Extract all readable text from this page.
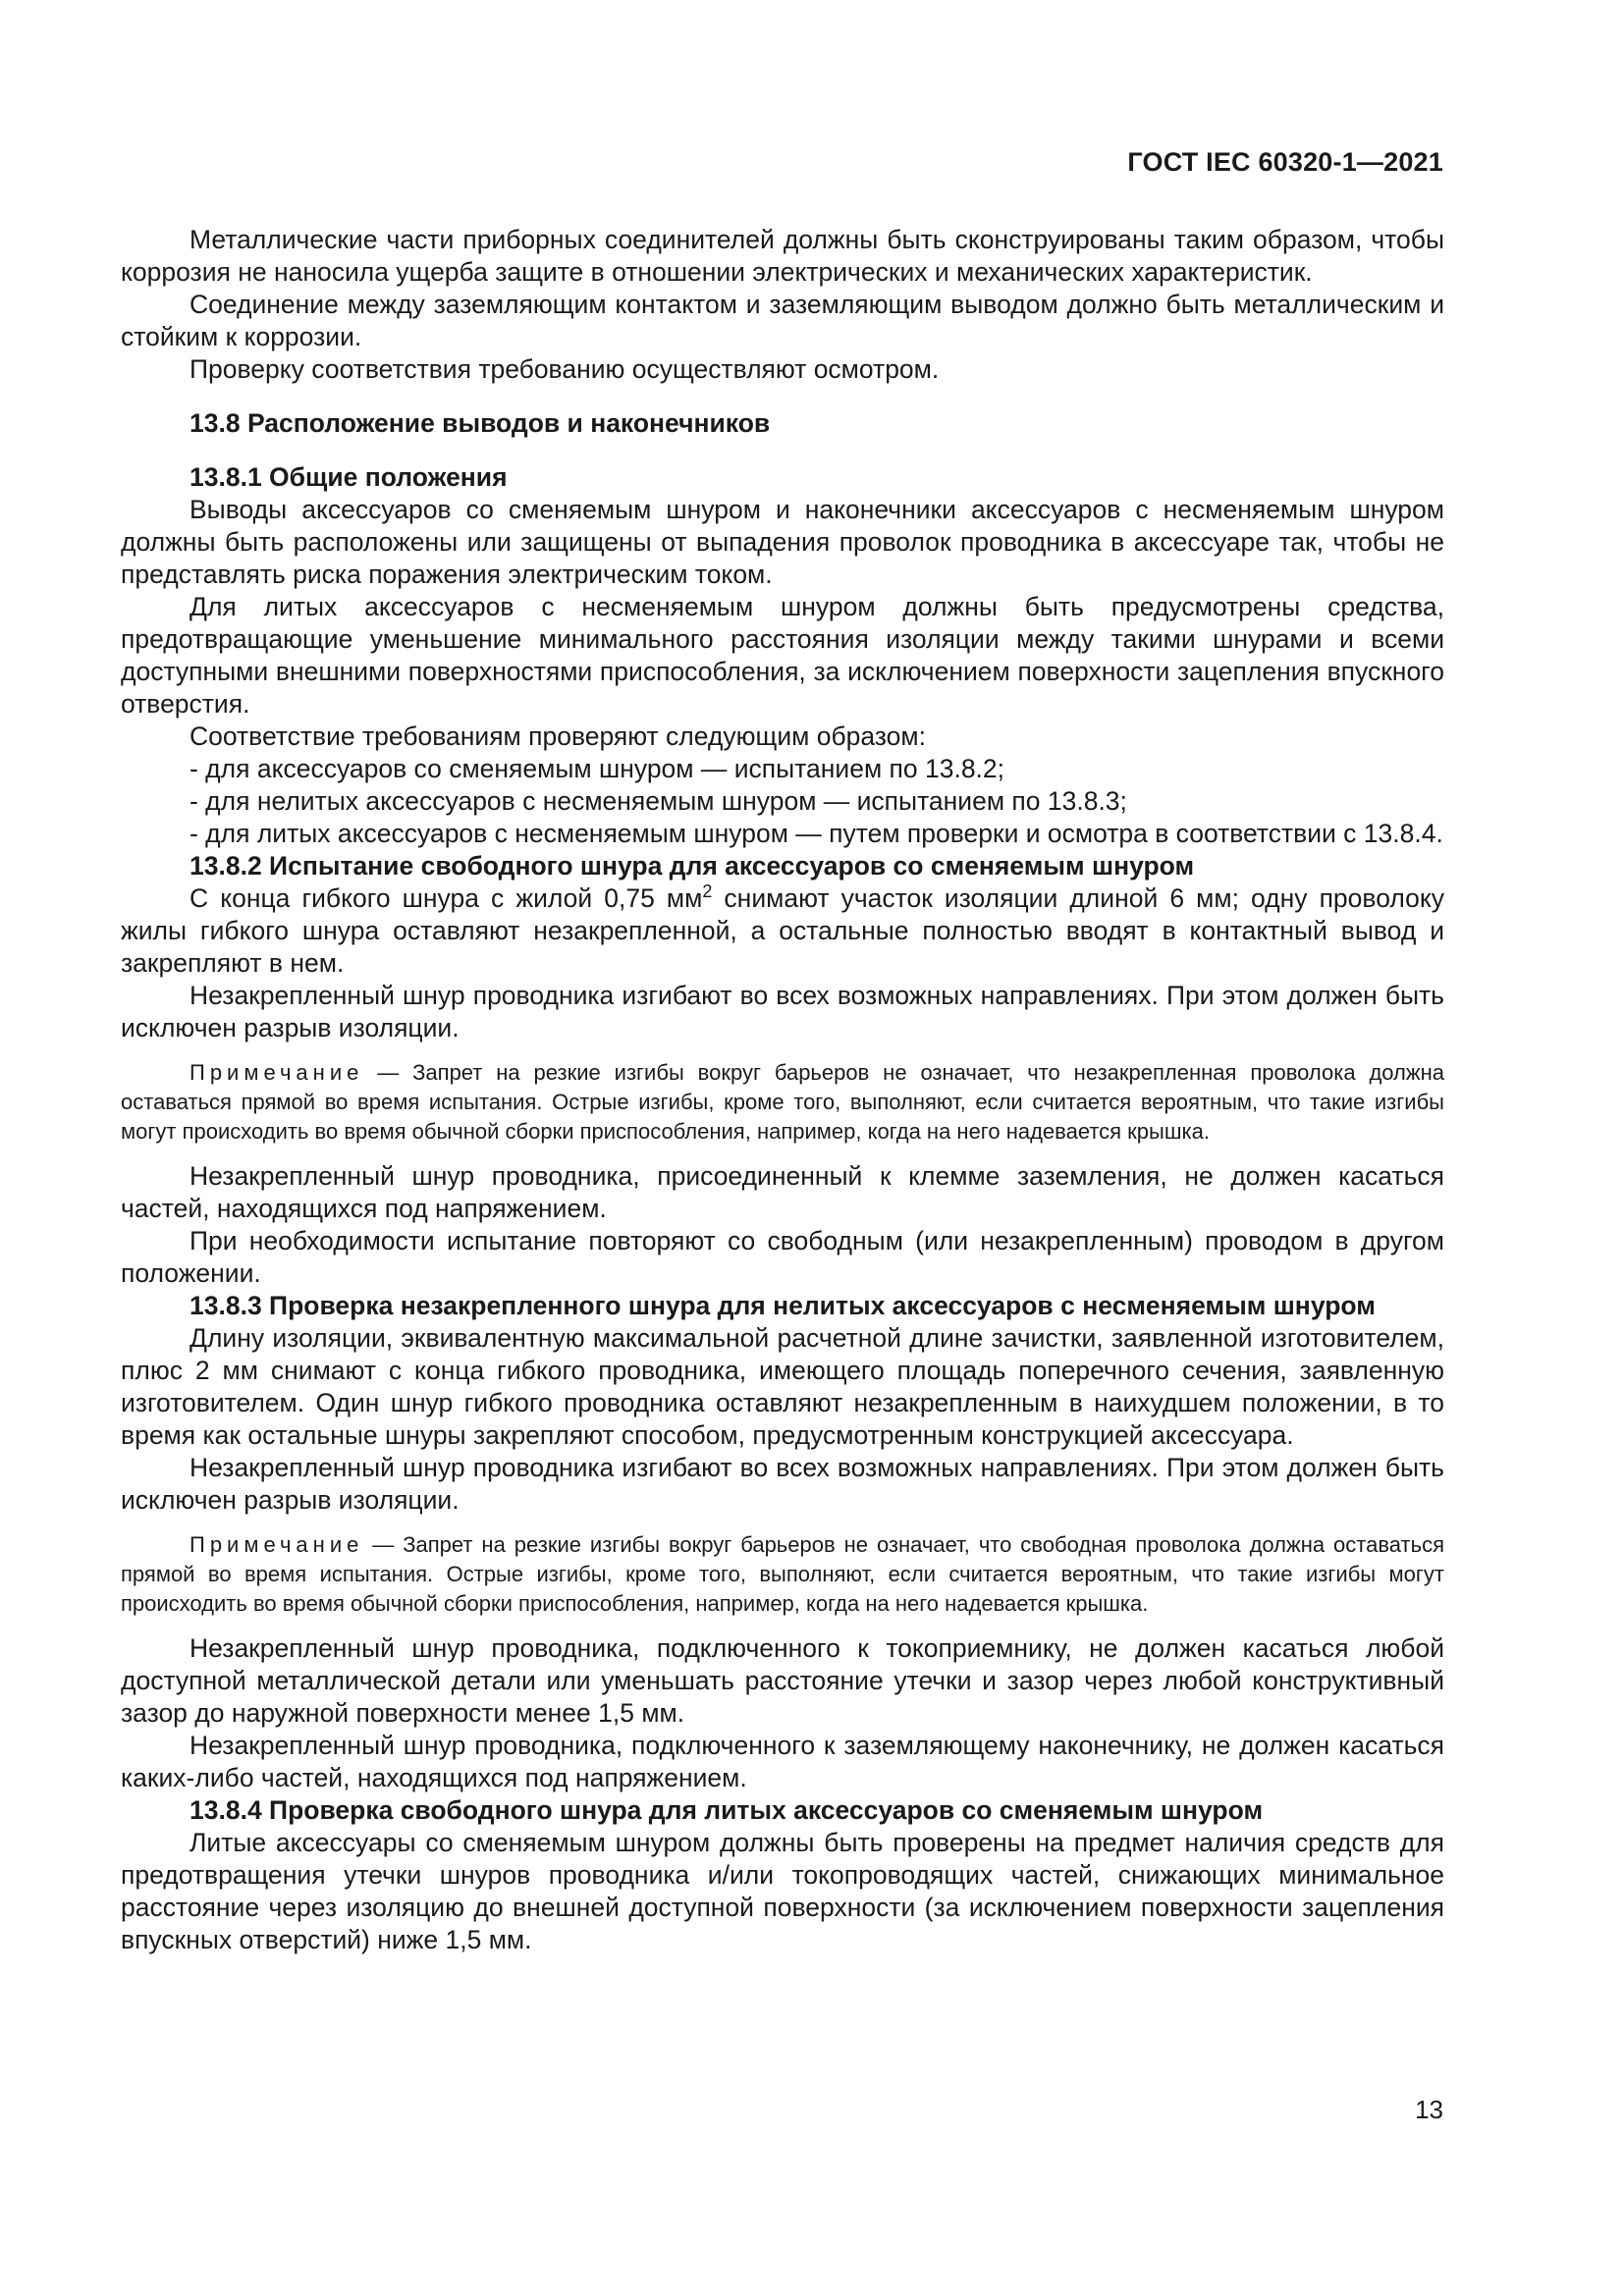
ГОСТ IEC 60320-1—2021

Металлические части приборных соединителей должны быть сконструированы таким образом, чтобы коррозия не наносила ущерба защите в отношении электрических и механических характеристик.

Соединение между заземляющим контактом и заземляющим выводом должно быть металлическим и стойким к коррозии.

Проверку соответствия требованию осуществляют осмотром.

13.8 Расположение выводов и наконечников

13.8.1 Общие положения

Выводы аксессуаров со сменяемым шнуром и наконечники аксессуаров с несменяемым шнуром должны быть расположены или защищены от выпадения проволок проводника в аксессуаре так, чтобы не представлять риска поражения электрическим током.

Для литых аксессуаров с несменяемым шнуром должны быть предусмотрены средства, предотвращающие уменьшение минимального расстояния изоляции между такими шнурами и всеми доступными внешними поверхностями приспособления, за исключением поверхности зацепления впускного отверстия.

Соответствие требованиям проверяют следующим образом:

- для аксессуаров со сменяемым шнуром — испытанием по 13.8.2;

- для нелитых аксессуаров с несменяемым шнуром — испытанием по 13.8.3;

- для литых аксессуаров с несменяемым шнуром — путем проверки и осмотра в соответствии с 13.8.4.

13.8.2 Испытание свободного шнура для аксессуаров со сменяемым шнуром

С конца гибкого шнура с жилой 0,75 $мм^2$ снимают участок изоляции длиной 6 мм; одну проволоку жилы гибкого шнура оставляют незакрепленной, а остальные полностью вводят в контактный вывод и закрепляют в нем.

Незакрепленный шнур проводника изгибают во всех возможных направлениях. При этом должен быть исключен разрыв изоляции.

Примечание — Запрет на резкие изгибы вокруг барьеров не означает, что незакрепленная проволока должна оставаться прямой во время испытания. Острые изгибы, кроме того, выполняют, если считается вероятным, что такие изгибы могут происходить во время обычной сборки приспособления, например, когда на него надевается крышка.

Незакрепленный шнур проводника, присоединенный к клемме заземления, не должен касаться частей, находящихся под напряжением.

При необходимости испытание повторяют со свободным (или незакрепленным) проводом в другом положении.

13.8.3 Проверка незакрепленного шнура для нелитых аксессуаров с несменяемым шнуром

Длину изоляции, эквивалентную максимальной расчетной длине зачистки, заявленной изготовителем, плюс 2 мм снимают с конца гибкого проводника, имеющего площадь поперечного сечения, заявленную изготовителем. Один шнур гибкого проводника оставляют незакрепленным в наихудшем положении, в то время как остальные шнуры закрепляют способом, предусмотренным конструкцией аксессуара.

Незакрепленный шнур проводника изгибают во всех возможных направлениях. При этом должен быть исключен разрыв изоляции.

Примечание — Запрет на резкие изгибы вокруг барьеров не означает, что свободная проволока должна оставаться прямой во время испытания. Острые изгибы, кроме того, выполняют, если считается вероятным, что такие изгибы могут происходить во время обычной сборки приспособления, например, когда на него надевается крышка.

Незакрепленный шнур проводника, подключенного к токоприемнику, не должен касаться любой доступной металлической детали или уменьшать расстояние утечки и зазор через любой конструктивный зазор до наружной поверхности менее 1,5 мм.

Незакрепленный шнур проводника, подключенного к заземляющему наконечнику, не должен касаться каких-либо частей, находящихся под напряжением.

13.8.4 Проверка свободного шнура для литых аксессуаров со сменяемым шнуром

Литые аксессуары со сменяемым шнуром должны быть проверены на предмет наличия средств для предотвращения утечки шнуров проводника и/или токопроводящих частей, снижающих минимальное расстояние через изоляцию до внешней доступной поверхности (за исключением поверхности зацепления впускных отверстий) ниже 1,5 мм.

13
